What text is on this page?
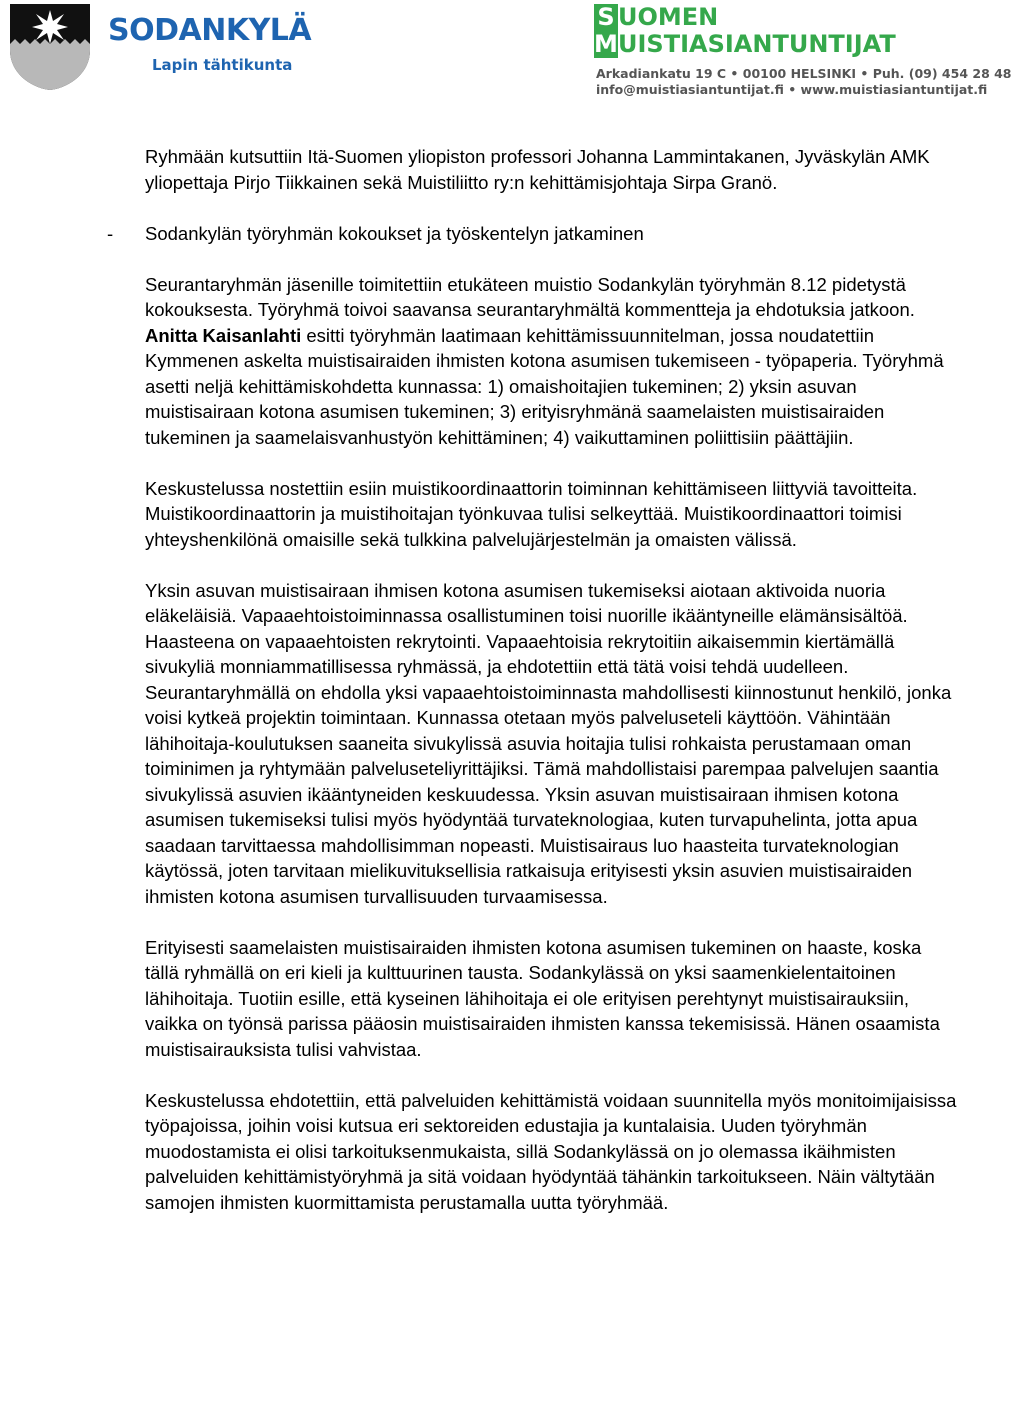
SODANKYLÄ
Lapin tähtikunta
S UOMEN
MUISTIASIANTUNTIJAT
Arkadiankatu 19 C • 00100 HELSINKI • Puh. (09) 454 28 48
info@muistiasiantuntijat.fi • www.muistiasiantuntijat.fi

Ryhmään kutsuttiin Itä-Suomen yliopiston professori Johanna Lammintakanen, Jyväskylän AMK yliopettaja Pirjo Tiikkainen sekä Muistiliitto ry:n kehittämisjohtaja Sirpa Granö.

- Sodankylän työryhmän kokoukset ja työskentelyn jatkaminen

Seurantaryhmän jäsenille toimitettiin etukäteen muistio Sodankylän työryhmän 8.12 pidetystä kokouksesta. Työryhmä toivoi saavansa seurantaryhmältä kommentteja ja ehdotuksia jatkoon. Anitta Kaisanlahti esitti työryhmän laatimaan kehittämissuunnitelman, jossa noudatettiin Kymmenen askelta muistisairaiden ihmisten kotona asumisen tukemiseen - työpaperia. Työryhmä asetti neljä kehittämiskohdetta kunnassa: 1) omaishoitajien tukeminen; 2) yksin asuvan muistisairaan kotona asumisen tukeminen; 3) erityisryhmänä saamelaisten muistisairaiden tukeminen ja saamelaisvanhustyön kehittäminen; 4) vaikuttaminen poliittisiin päättäjiin.

Keskustelussa nostettiin esiin muistikoordinaattorin toiminnan kehittämiseen liittyviä tavoitteita. Muistikoordinaattorin ja muistihoitajan työnkuvaa tulisi selkeyttää. Muistikoordinaattori toimisi yhteyshenkilönä omaisille sekä tulkkina palvelujärjestelmän ja omaisten välissä.

Yksin asuvan muistisairaan ihmisen kotona asumisen tukemiseksi aiotaan aktivoida nuoria eläkeläisiä. Vapaaehtoistoiminnassa osallistuminen toisi nuorille ikääntyneille elämänsisältöä. Haasteena on vapaaehtoisten rekrytointi. Vapaaehtoisia rekrytoitiin aikaisemmin kiertämällä sivukyliä monniammatillisessa ryhmässä, ja ehdotettiin että tätä voisi tehdä uudelleen. Seurantaryhmällä on ehdolla yksi vapaaehtoistoiminnasta mahdollisesti kiinnostunut henkilö, jonka voisi kytkeä projektin toimintaan. Kunnassa otetaan myös palveluseteli käyttöön. Vähintään lähihoitaja-koulutuksen saaneita sivukylissä asuvia hoitajia tulisi rohkaista perustamaan oman toiminimen ja ryhtymään palveluseteliyrittäjiksi. Tämä mahdollistaisi parempaa palvelujen saantia sivukylissä asuvien ikääntyneiden keskuudessa. Yksin asuvan muistisairaan ihmisen kotona asumisen tukemiseksi tulisi myös hyödyntää turvateknologiaa, kuten turvapuhelinta, jotta apua saadaan tarvittaessa mahdollisimman nopeasti. Muistisairaus luo haasteita turvateknologian käytössä, joten tarvitaan mielikuvituksellisia ratkaisuja erityisesti yksin asuvien muistisairaiden ihmisten kotona asumisen turvallisuuden turvaamisessa.

Erityisesti saamelaisten muistisairaiden ihmisten kotona asumisen tukeminen on haaste, koska tällä ryhmällä on eri kieli ja kulttuurinen tausta. Sodankylässä on yksi saamenkielentaitoinen lähihoitaja. Tuotiin esille, että kyseinen lähihoitaja ei ole erityisen perehtynyt muistisairauksiin, vaikka on työnsä parissa pääosin muistisairaiden ihmisten kanssa tekemisissä. Hänen osaamista muistisairauksista tulisi vahvistaa.

Keskustelussa ehdotettiin, että palveluiden kehittämistä voidaan suunnitella myös monitoimijaisissa työpajoissa, joihin voisi kutsua eri sektoreiden edustajia ja kuntalaisia. Uuden työryhmän muodostamista ei olisi tarkoituksenmukaista, sillä Sodankylässä on jo olemassa ikäihmisten palveluiden kehittämistyöryhmä ja sitä voidaan hyödyntää tähänkin tarkoitukseen. Näin vältytään samojen ihmisten kuormittamista perustamalla uutta työryhmää.
